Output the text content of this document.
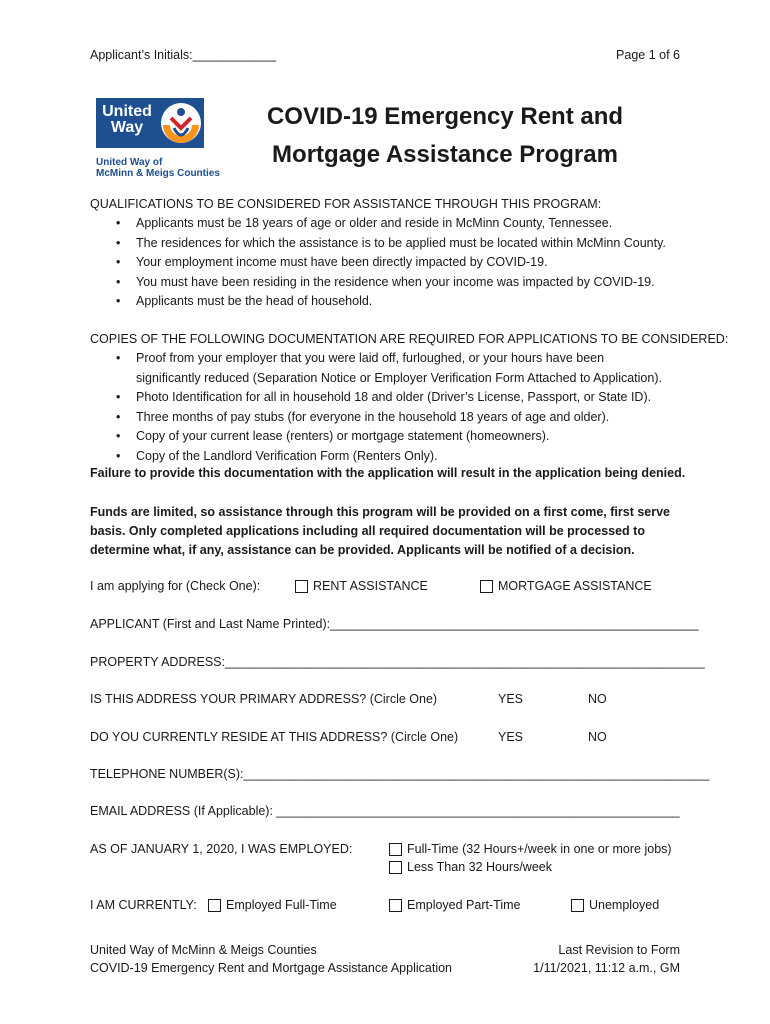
Applicant’s Initials:____________	Page 1 of 6
United
Way
United Way of
McMinn & Meigs Counties
COVID-19 Emergency Rent and
Mortgage Assistance Program
QUALIFICATIONS TO BE CONSIDERED FOR ASSISTANCE THROUGH THIS PROGRAM:
• Applicants must be 18 years of age or older and reside in McMinn County, Tennessee.
• The residences for which the assistance is to be applied must be located within McMinn County.
• Your employment income must have been directly impacted by COVID-19.
• You must have been residing in the residence when your income was impacted by COVID-19.
• Applicants must be the head of household.
COPIES OF THE FOLLOWING DOCUMENTATION ARE REQUIRED FOR APPLICATIONS TO BE CONSIDERED:
• Proof from your employer that you were laid off, furloughed, or your hours have been
significantly reduced (Separation Notice or Employer Verification Form Attached to Application).
• Photo Identification for all in household 18 and older (Driver’s License, Passport, or State ID).
• Three months of pay stubs (for everyone in the household 18 years of age and older).
• Copy of your current lease (renters) or mortgage statement (homeowners).
• Copy of the Landlord Verification Form (Renters Only).
Failure to provide this documentation with the application will result in the application being denied.
Funds are limited, so assistance through this program will be provided on a first come, first serve
basis. Only completed applications including all required documentation will be processed to
determine what, if any, assistance can be provided. Applicants will be notified of a decision.
I am applying for (Check One):	RENT ASSISTANCE	MORTGAGE ASSISTANCE
APPLICANT (First and Last Name Printed):_____________________________________________________
PROPERTY ADDRESS:_____________________________________________________________________
IS THIS ADDRESS YOUR PRIMARY ADDRESS? (Circle One)	YES	NO
DO YOU CURRENTLY RESIDE AT THIS ADDRESS? (Circle One)	YES	NO
TELEPHONE NUMBER(S):___________________________________________________________________
EMAIL ADDRESS (If Applicable): __________________________________________________________
AS OF JANUARY 1, 2020, I WAS EMPLOYED:	Full-Time (32 Hours+/week in one or more jobs)
Less Than 32 Hours/week
I AM CURRENTLY: Employed Full-Time	Employed Part-Time	Unemployed
United Way of McMinn & Meigs Counties
COVID-19 Emergency Rent and Mortgage Assistance Application
Last Revision to Form
1/11/2021, 11:12 a.m., GM
